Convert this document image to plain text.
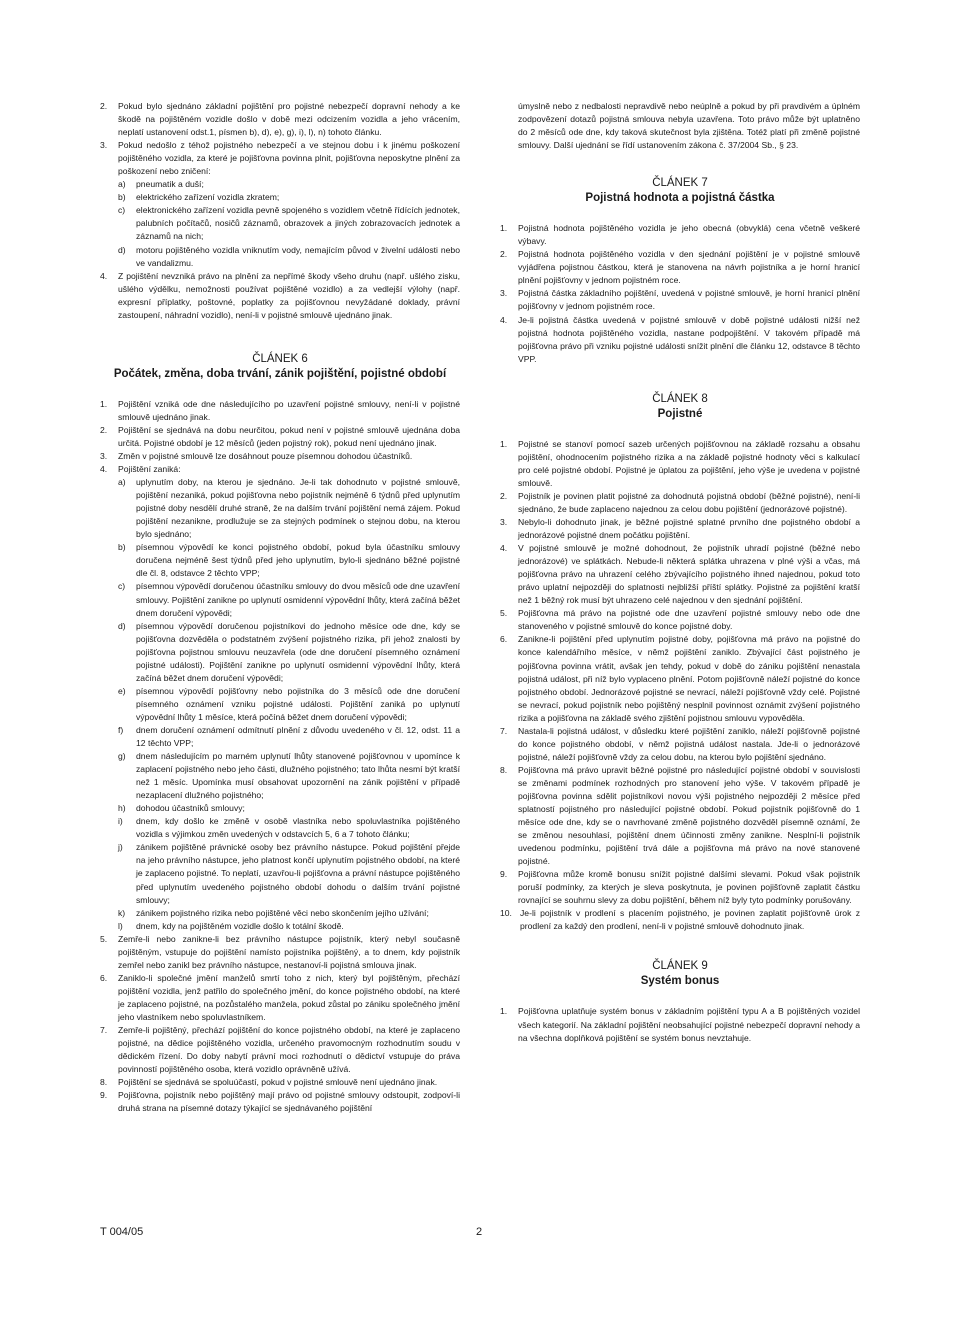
2.	Pokud bylo sjednáno základní pojištění pro pojistné nebezpečí dopravní nehody a ke škodě na pojištěném vozidle došlo v době mezi odcizením vozidla a jeho vrácením, neplatí ustanovení odst.1, písmen b), d), e), g), i), l), n) tohoto článku.
3.	Pokud nedošlo z téhož pojistného nebezpečí a ve stejnou dobu i k jinému poškození pojištěného vozidla, za které je pojišťovna povinna plnit, pojišťovna neposkytne plnění za poškození nebo zničení:
a)	pneumatik a duší;
b)	elektrického zařízení vozidla zkratem;
c)	elektronického zařízení vozidla pevně spojeného s vozidlem včetně řídících jednotek, palubních počítačů, nosičů záznamů, obrazovek a jiných zobrazovacích jednotek a záznamů na nich;
d)	motoru pojištěného vozidla vniknutím vody, nemajícím původ v živelní události nebo ve vandalizmu.
4.	Z pojištění nevzniká právo na plnění za nepřímé škody všeho druhu (např. ušlého zisku, ušlého výdělku, nemožnosti používat pojištěné vozidlo) a za vedlejší výlohy (např. expresní příplatky, poštovné, poplatky za pojišťovnou nevyžádané doklady, právní zastoupení, náhradní vozidlo), není-li v pojistné smlouvě ujednáno jinak.
ČLÁNEK 6
Počátek, změna, doba trvání, zánik pojištění, pojistné období
1.	Pojištění vzniká ode dne následujícího po uzavření pojistné smlouvy, není-li v pojistné smlouvě ujednáno jinak.
2.	Pojištění se sjednává na dobu neurčitou, pokud není v pojistné smlouvě ujednána doba určitá. Pojistné období je 12 měsíců (jeden pojistný rok), pokud není ujednáno jinak.
3.	Změn v pojistné smlouvě lze dosáhnout pouze písemnou dohodou účastníků.
4.	Pojištění zaniká:
a)	uplynutím doby, na kterou je sjednáno. Je-li tak dohodnuto v pojistné smlouvě, pojištění nezaniká, pokud pojišťovna nebo pojistník nejméně 6 týdnů před uplynutím pojistné doby nesdělí druhé straně, že na dalším trvání pojištění nemá zájem. Pokud pojištění nezanikne, prodlužuje se za stejných podmínek o stejnou dobu, na kterou bylo sjednáno;
b)	písemnou výpovědí ke konci pojistného období, pokud byla účastníku smlouvy doručena nejméně šest týdnů před jeho uplynutím, bylo-li sjednáno běžné pojistné dle čl. 8, odstavce 2 těchto VPP;
c)	písemnou výpovědí doručenou účastníku smlouvy do dvou měsíců ode dne uzavření smlouvy. Pojištění zanikne po uplynutí osmidenní výpovědní lhůty, která začíná běžet dnem doručení výpovědi;
d)	písemnou výpovědí doručenou pojistníkovi do jednoho měsíce ode dne, kdy se pojišťovna dozvěděla o podstatném zvýšení pojistného rizika, při jehož znalosti by pojišťovna pojistnou smlouvu neuzavřela (ode dne doručení písemného oznámení pojistné události). Pojištění zanikne po uplynutí osmidenní výpovědní lhůty, která začíná běžet dnem doručení výpovědi;
e)	písemnou výpovědí pojišťovny nebo pojistníka do 3 měsíců ode dne doručení písemného oznámení vzniku pojistné události. Pojištění zaniká po uplynutí výpovědní lhůty 1 měsíce, která počíná běžet dnem doručení výpovědi;
f)	dnem doručení oznámení odmítnutí plnění z důvodu uvedeného v čl. 12, odst. 11 a 12 těchto VPP;
g)	dnem následujícím po marném uplynutí lhůty stanovené pojišťovnou v upomínce k zaplacení pojistného nebo jeho části, dlužného pojistného; tato lhůta nesmí být kratší než 1 měsíc. Upomínka musí obsahovat upozornění na zánik pojištění v případě nezaplacení dlužného pojistného;
h)	dohodou účastníků smlouvy;
i)	dnem, kdy došlo ke změně v osobě vlastníka nebo spoluvlastníka pojištěného vozidla s výjimkou změn uvedených v odstavcích 5, 6 a 7 tohoto článku;
j)	zánikem pojištěné právnické osoby bez právního nástupce. Pokud pojištění přejde na jeho právního nástupce, jeho platnost končí uplynutím pojistného období, na které je zaplaceno pojistné. To neplatí, uzavřou-li pojišťovna a právní nástupce pojištěného před uplynutím uvedeného pojistného období dohodu o dalším trvání pojistné smlouvy;
k)	zánikem pojistného rizika nebo pojištěné věci nebo skončením jejího užívání;
l)	dnem, kdy na pojištěném vozidle došlo k totální škodě.
5.	Zemře-li nebo zanikne-li bez právního nástupce pojistník, který nebyl současně pojištěným, vstupuje do pojištění namísto pojistníka pojištěný, a to dnem, kdy pojistník zemřel nebo zanikl bez právního nástupce, nestanoví-li pojistná smlouva jinak.
6.	Zaniklo-li společné jmění manželů smrtí toho z nich, který byl pojištěným, přechází pojištění vozidla, jenž patřilo do společného jmění, do konce pojistného období, na které je zaplaceno pojistné, na pozůstalého manžela, pokud zůstal po zániku společného jmění jeho vlastníkem nebo spoluvlastníkem.
7.	Zemře-li pojištěný, přechází pojištění do konce pojistného období, na které je zaplaceno pojistné, na dědice pojištěného vozidla, určeného pravomocným rozhodnutím soudu v dědickém řízení. Do doby nabytí právní moci rozhodnutí o dědictví vstupuje do práva povinností pojištěného osoba, která vozidlo oprávněně užívá.
8.	Pojištění se sjednává se spoluúčastí, pokud v pojistné smlouvě není ujednáno jinak.
9.	Pojišťovna, pojistník nebo pojištěný mají právo od pojistné smlouvy odstoupit, zodpoví-li druhá strana na písemné dotazy týkající se sjednávaného pojištění
úmyslně nebo z nedbalosti nepravdivě nebo neúplně a pokud by při pravdivém a úplném zodpovězení dotazů pojistná smlouva nebyla uzavřena. Toto právo může být uplatněno do 2 měsíců ode dne, kdy taková skutečnost byla zjištěna. Totéž platí při změně pojistné smlouvy. Další ujednání se řídí ustanovením zákona č. 37/2004 Sb., § 23.
ČLÁNEK 7
Pojistná hodnota a pojistná částka
1.	Pojistná hodnota pojištěného vozidla je jeho obecná (obvyklá) cena včetně veškeré výbavy.
2.	Pojistná hodnota pojištěného vozidla v den sjednání pojištění je v pojistné smlouvě vyjádřena pojistnou částkou, která je stanovena na návrh pojistníka a je horní hranicí plnění pojišťovny v jednom pojistném roce.
3.	Pojistná částka základního pojištění, uvedená v pojistné smlouvě, je horní hranicí plnění pojišťovny v jednom pojistném roce.
4.	Je-li pojistná částka uvedená v pojistné smlouvě v době pojistné události nižší než pojistná hodnota pojištěného vozidla, nastane podpojištění. V takovém případě má pojišťovna právo při vzniku pojistné události snížit plnění dle článku 12, odstavce 8 těchto VPP.
ČLÁNEK 8
Pojistné
1.	Pojistné se stanoví pomocí sazeb určených pojišťovnou na základě rozsahu a obsahu pojištění, ohodnocením pojistného rizika a na základě pojistné hodnoty věci s kalkulací pro celé pojistné období. Pojistné je úplatou za pojištění, jeho výše je uvedena v pojistné smlouvě.
2.	Pojistník je povinen platit pojistné za dohodnutá pojistná období (běžné pojistné), není-li sjednáno, že bude zaplaceno najednou za celou dobu pojištění (jednorázové pojistné).
3.	Nebylo-li dohodnuto jinak, je běžné pojistné splatné prvního dne pojistného období a jednorázové pojistné dnem počátku pojištění.
4.	V pojistné smlouvě je možné dohodnout, že pojistník uhradí pojistné (běžné nebo jednorázové) ve splátkách. Nebude-li některá splátka uhrazena v plné výši a včas, má pojišťovna právo na uhrazení celého zbývajícího pojistného ihned najednou, pokud toto právo uplatní nejpozději do splatnosti nejbližší příští splátky. Pojistné za pojištění kratší než 1 běžný rok musí být uhrazeno celé najednou v den sjednání pojištění.
5.	Pojišťovna má právo na pojistné ode dne uzavření pojistné smlouvy nebo ode dne stanoveného v pojistné smlouvě do konce pojistné doby.
6.	Zanikne-li pojištění před uplynutím pojistné doby, pojišťovna má právo na pojistné do konce kalendářního měsíce, v němž pojištění zaniklo. Zbývající část pojistného je pojišťovna povinna vrátit, avšak jen tehdy, pokud v době do zániku pojištění nenastala pojistná událost, při níž bylo vyplaceno plnění. Potom pojišťovně náleží pojistné do konce pojistného období. Jednorázové pojistné se nevrací, náleží pojišťovně vždy celé. Pojistné se nevrací, pokud pojistník nebo pojištěný nesplnil povinnost oznámit zvýšení pojistného rizika a pojišťovna na základě svého zjištění pojistnou smlouvu vypověděla.
7.	Nastala-li pojistná událost, v důsledku které pojištění zaniklo, náleží pojišťovně pojistné do konce pojistného období, v němž pojistná událost nastala. Jde-li o jednorázové pojistné, náleží pojišťovně vždy za celou dobu, na kterou bylo pojištění sjednáno.
8.	Pojišťovna má právo upravit běžné pojistné pro následující pojistné období v souvislosti se změnami podmínek rozhodných pro stanovení jeho výše. V takovém případě je pojišťovna povinna sdělit pojistníkovi novou výši pojistného nejpozději 2 měsíce před splatností pojistného pro následující pojistné období. Pokud pojistník pojišťovně do 1 měsíce ode dne, kdy se o navrhované změně pojistného dozvěděl písemně oznámí, že se změnou nesouhlasí, pojištění dnem účinnosti změny zanikne. Nesplní-li pojistník uvedenou podmínku, pojištění trvá dále a pojišťovna má právo na nové stanovené pojistné.
9.	Pojišťovna může kromě bonusu snížit pojistné dalšími slevami. Pokud však pojistník poruší podmínky, za kterých je sleva poskytnuta, je povinen pojišťovně zaplatit částku rovnající se souhrnu slevy za dobu pojištění, během níž byly tyto podmínky porušovány.
10. Je-li pojistník v prodlení s placením pojistného, je povinen zaplatit pojišťovně úrok z prodlení za každý den prodlení, není-li v pojistné smlouvě dohodnuto jinak.
ČLÁNEK 9
Systém bonus
1.	Pojišťovna uplatňuje systém bonus v základním pojištění typu A a B pojištěných vozidel všech kategorií. Na základní pojištění neobsahující pojistné nebezpečí dopravní nehody a na všechna doplňková pojištění se systém bonus nevztahuje.
T 004/05	2
